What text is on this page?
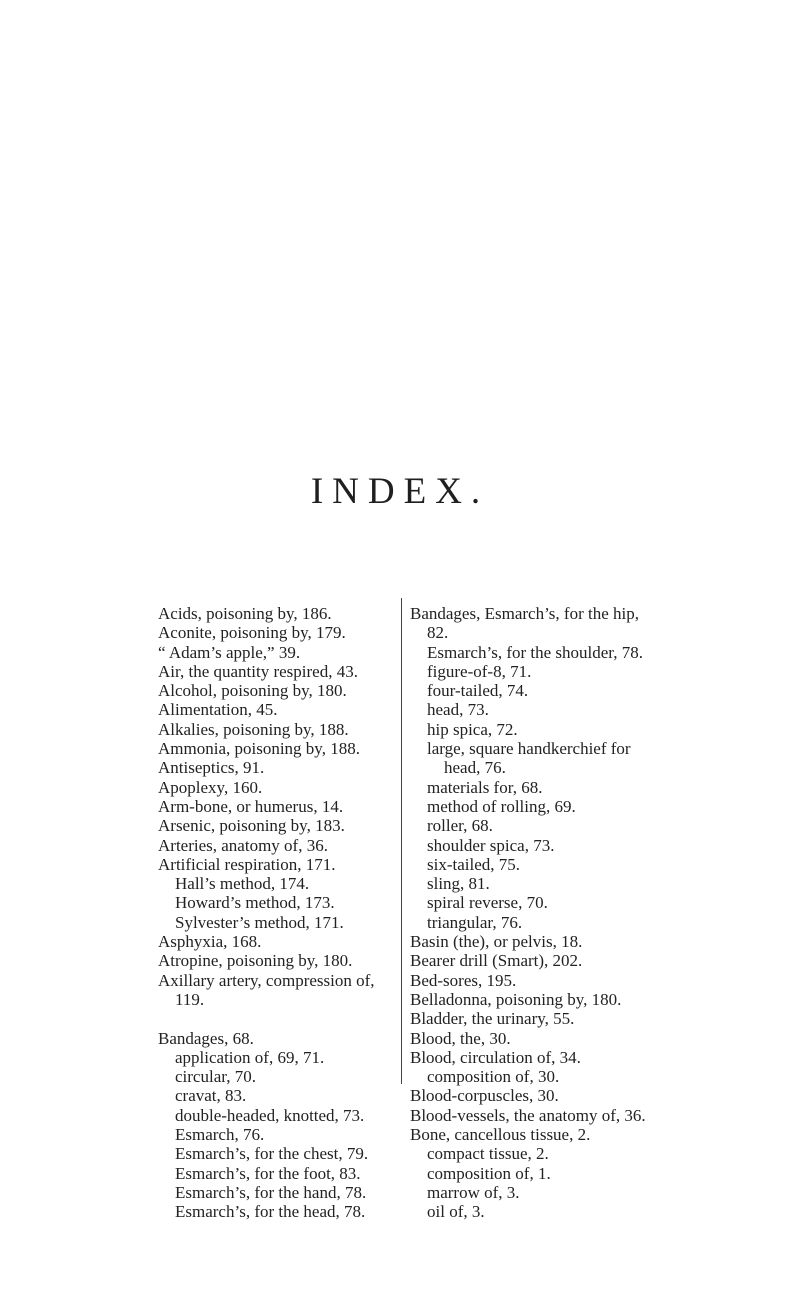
INDEX.
Acids, poisoning by, 186.
Aconite, poisoning by, 179.
“ Adam’s apple,” 39.
Air, the quantity respired, 43.
Alcohol, poisoning by, 180.
Alimentation, 45.
Alkalies, poisoning by, 188.
Ammonia, poisoning by, 188.
Antiseptics, 91.
Apoplexy, 160.
Arm-bone, or humerus, 14.
Arsenic, poisoning by, 183.
Arteries, anatomy of, 36.
Artificial respiration, 171.
Hall’s method, 174.
Howard’s method, 173.
Sylvester’s method, 171.
Asphyxia, 168.
Atropine, poisoning by, 180.
Axillary artery, compression of,
119.
Bandages, 68.
application of, 69, 71.
circular, 70.
cravat, 83.
double-headed, knotted, 73.
Esmarch, 76.
Esmarch’s, for the chest, 79.
Esmarch’s, for the foot, 83.
Esmarch’s, for the hand, 78.
Esmarch’s, for the head, 78.
Bandages, Esmarch’s, for the hip,
82.
Esmarch’s, for the shoulder, 78.
figure-of-8, 71.
four-tailed, 74.
head, 73.
hip spica, 72.
large, square handkerchief for
head, 76.
materials for, 68.
method of rolling, 69.
roller, 68.
shoulder spica, 73.
six-tailed, 75.
sling, 81.
spiral reverse, 70.
triangular, 76.
Basin (the), or pelvis, 18.
Bearer drill (Smart), 202.
Bed-sores, 195.
Belladonna, poisoning by, 180.
Bladder, the urinary, 55.
Blood, the, 30.
Blood, circulation of, 34.
composition of, 30.
Blood-corpuscles, 30.
Blood-vessels, the anatomy of, 36.
Bone, cancellous tissue, 2.
compact tissue, 2.
composition of, 1.
marrow of, 3.
oil of, 3.
